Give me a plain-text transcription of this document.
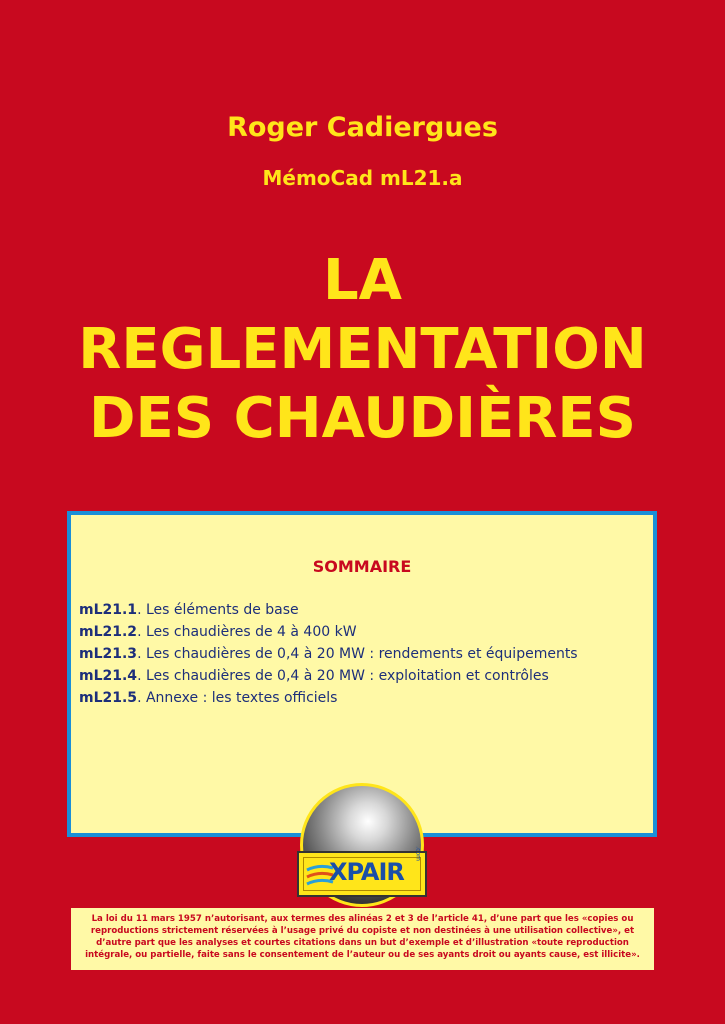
Roger Cadiergues
MémoCad mL21.a
LA
REGLEMENTATION
DES CHAUDIÈRES
SOMMAIRE
mL21.1. Les éléments de base
mL21.2. Les chaudières de 4 à 400 kW
mL21.3. Les chaudières de 0,4 à 20 MW : rendements et équipements
mL21.4. Les chaudières de 0,4 à 20 MW : exploitation et contrôles
mL21.5. Annexe : les textes officiels
XPAIR
.com
La loi du 11 mars 1957 n’autorisant, aux termes des alinéas 2 et 3 de l’article 41, d’une part que les «copies ou reproductions strictement réservées à l’usage privé du copiste et non destinées à une utilisation collective», et d’autre part que les analyses et courtes citations dans un but d’exemple et d’illustration «toute reproduction intégrale, ou partielle, faite sans le consentement de l’auteur ou de ses ayants droit ou ayants cause, est illicite».
